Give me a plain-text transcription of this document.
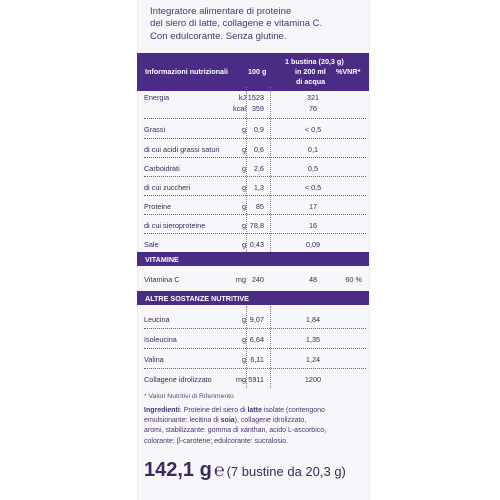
Integratore alimentare di proteine
del siero di latte, collagene e vitamina C.
Con edulcorante. Senza glutine.
Informazioni nutrizionali	100 g
1 bustina (20,3 g)
in 200 ml
di acqua
%VNR*
Energia	kJ 1523	321
kcal 359	76
Grassi	g	0,9	< 0,5
di cui acidi grassi saturi	g	0,6	0,1
Carboidrati	g	2,6	0,5
di cui zuccheri	g	1,3	< 0,5
Proteine	g	85	17
di cui sieroproteine	g 78,8	16
Sale	g 0,43	0,09
VITAMINE
Vitamina C	mg 240	48	60 %
ALTRE SOSTANZE NUTRITIVE
Leucina	g 9,07	1,84
Isoleucina	g 6,64	1,35
Valina	g 6,11	1,24
Collagene idrolizzato	mg 5911	1200
* Valori Nutritivi di Riferimento
Ingredienti: Proteine del siero di latte isolate (contengono
emulsionante: lecitina di soia), collagene idrolizzato,
aromi, stabilizzante: gomma di xanthan, acido L-ascorbico,
colorante: β-carotene; edulcorante: sucralosio.
142,1 g ℮ (7 bustine da 20,3 g)
